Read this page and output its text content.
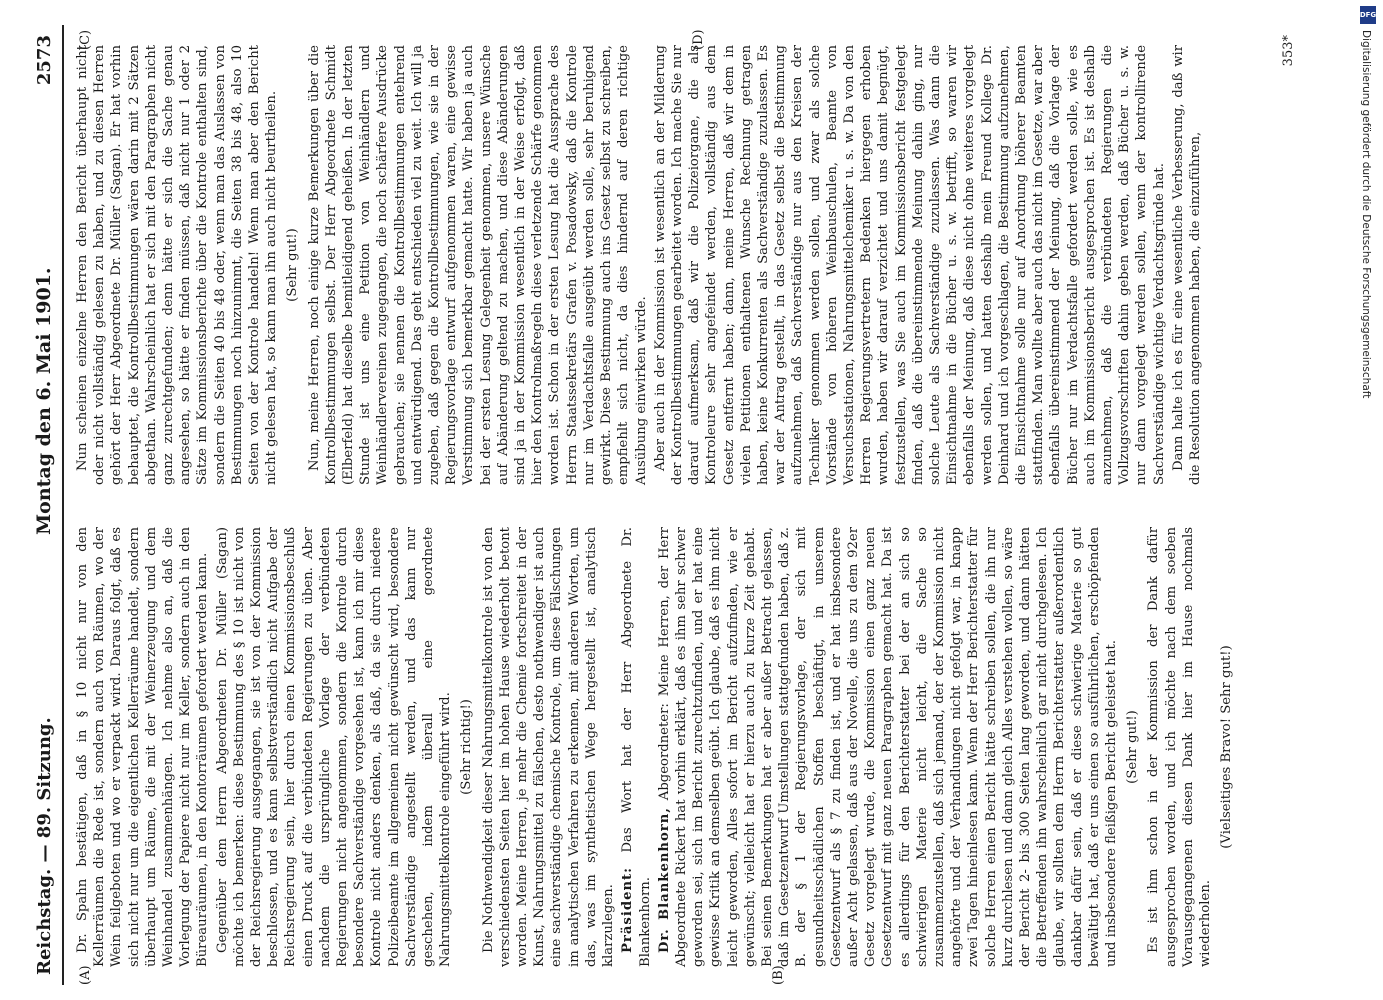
Reichstag. — 89. Sitzung.
Montag den 6. Mai 1901.
2573
(A)	(B)
(C)	(D)

Dr. Spahn bestätigen, daß in § 10 nicht nur von den Kellerräumen die Rede ist, sondern auch von Räumen, wo der Wein feilgeboten und wo er verpackt wird. Daraus folgt, daß es sich nicht nur um die eigentlichen Kellerräume handelt, sondern überhaupt um Räume, die mit der Weinerzeugung und dem Weinhandel zusammenhängen. Ich nehme also an, daß die Vorlegung der Papiere nicht nur im Keller, sondern auch in den Büreauräumen, in den Kontorräumen gefordert werden kann. Gegenüber dem Herrn Abgeordneten Dr. Müller (Sagan) möchte ich bemerken: diese Bestimmung des § 10 ist nicht von der Reichsregierung ausgegangen, sie ist von der Kommission beschlossen, und es kann selbstverständlich nicht Aufgabe der Reichsregierung sein, hier durch einen Kommissionsbeschluß einen Druck auf die verbündeten Regierungen zu üben. Aber nachdem die ursprüngliche Vorlage der verbündeten Regierungen nicht angenommen, sondern die Kontrole durch besondere Sachverständige vorgesehen ist, kann ich mir diese Kontrole nicht anders denken, als daß, da sie durch niedere Polizeibeamte im allgemeinen nicht gewünscht wird, besondere Sachverständige angestellt werden, und das kann nur geschehen, indem überall eine geordnete Nahrungsmittelkontrole eingeführt wird. (Sehr richtig!) Die Nothwendigkeit dieser Nahrungsmittelkontrole ist von den verschiedensten Seiten hier im hohen Hause wiederholt betont worden. Meine Herren, je mehr die Chemie fortschreitet in der Kunst, Nahrungsmittel zu fälschen, desto nothwendiger ist auch eine sachverständige chemische Kontrole, um diese Fälschungen im analytischen Verfahren zu erkennen, mit anderen Worten, um das, was im synthetischen Wege hergestellt ist, analytisch klarzulegen. Präsident: Das Wort hat der Herr Abgeordnete Dr. Blankenhorn. Dr. Blankenhorn, Abgeordneter: Meine Herren, der Herr Abgeordnete Rickert hat vorhin erklärt, daß es ihm sehr schwer geworden sei, sich im Bericht zurechtzufinden, und er hat eine gewisse Kritik an demselben geübt. Ich glaube, daß es ihm nicht leicht geworden, Alles sofort im Bericht aufzufinden, wie er gewünscht; vielleicht hat er hierzu auch zu kurze Zeit gehabt. Bei seinen Bemerkungen hat er aber außer Betracht gelassen, daß im Gesetzentwurf Umstellungen stattgefunden haben, daß z. B. der § 1 der Regierungsvorlage, der sich mit gesundheitsschädlichen Stoffen beschäftigt, in unserem Gesetzentwurf als § 7 zu finden ist, und er hat insbesondere außer Acht gelassen, daß aus der Novelle, die uns zu dem 92er Gesetz vorgelegt wurde, die Kommission einen ganz neuen Gesetzentwurf mit ganz neuen Paragraphen gemacht hat. Da ist es allerdings für den Berichterstatter bei der an sich so schwierigen Materie nicht leicht, die Sache so zusammenzustellen, daß sich jemand, der der Kommission nicht angehörte und der Verhandlungen nicht gefolgt war, in knapp zwei Tagen hineinlesen kann. Wenn der Herr Berichterstatter für solche Herren einen Bericht hätte schreiben sollen, die ihn nur kurz durchlesen und dann gleich Alles verstehen wollen, so wäre der Bericht 2- bis 300 Seiten lang geworden, und dann hätten die Betreffenden ihn wahrscheinlich gar nicht durchgelesen. Ich glaube, wir sollten dem Herrn Berichterstatter außerordentlich dankbar dafür sein, daß er diese schwierige Materie so gut bewältigt hat, daß er uns einen so ausführlichen, erschöpfenden und insbesondere fleißigen Bericht geleistet hat. (Sehr gut!) Es ist ihm schon in der Kommission der Dank dafür ausgesprochen worden, und ich möchte nach dem soeben Vorausgegangenen diesen Dank hier im Hause nochmals wiederholen.

(Vielseitiges Bravo! Sehr gut!)

Nun scheinen einzelne Herren den Bericht überhaupt nicht oder nicht vollständig gelesen zu haben, und zu diesen Herren gehört der Herr Abgeordnete Dr. Müller (Sagan). Er hat vorhin behauptet, die Kontrollbestimmungen wären darin mit 2 Sätzen abgethan. Wahrscheinlich hat er sich mit den Paragraphen nicht ganz zurechtgefunden; denn hätte er sich die Sache genau angesehen, so hätte er finden müssen, daß nicht nur 1 oder 2 Sätze im Kommissionsberichte über die Kontrole enthalten sind, sondern die Seiten 40 bis 48 oder, wenn man das Auslassen von Bestimmungen noch hinzunimmt, die Seiten 38 bis 48, also 10 Seiten von der Kontrole handeln! Wenn man aber den Bericht nicht gelesen hat, so kann man ihn auch nicht beurtheilen. (Sehr gut!) Nun, meine Herren, noch einige kurze Bemerkungen über die Kontrollbestimmungen selbst. Der Herr Abgeordnete Schmidt (Elberfeld) hat dieselbe bemitleidigend geheißen. In der letzten Stunde ist uns eine Petition von Weinhändlern und Weinhändlervereinen zugegangen, die noch schärfere Ausdrücke gebrauchen; sie nennen die Kontrollbestimmungen entehrend und entwürdigend. Das geht entschieden viel zu weit. Ich will ja zugeben, daß gegen die Kontrollbestimmungen, wie sie in der Regierungsvorlage entwurf aufgenommen waren, eine gewisse Verstimmung sich bemerkbar gemacht hatte. Wir haben ja auch bei der ersten Lesung Gelegenheit genommen, unsere Wünsche auf Abänderung geltend zu machen, und diese Abänderungen sind ja in der Kommission wesentlich in der Weise erfolgt, daß hier den Kontrolmaßregeln diese verletzende Schärfe genommen worden ist. Schon in der ersten Lesung hat die Aussprache des Herrn Staatssekretärs Grafen v. Posadowsky, daß die Kontrole nur im Verdachtsfalle ausgeübt werden solle, sehr beruhigend gewirkt. Diese Bestimmung auch ins Gesetz selbst zu schreiben, empfiehlt sich nicht, da dies hindernd auf deren richtige Ausübung einwirken würde. Aber auch in der Kommission ist wesentlich an der Milderung der Kontrollbestimmungen gearbeitet worden. Ich mache Sie nur darauf aufmerksam, daß wir die Polizeiorgane, die als Kontroleure sehr angefeindet werden, vollständig aus dem Gesetz entfernt haben; dann, meine Herren, daß wir dem in vielen Petitionen enthaltenen Wunsche Rechnung getragen haben, keine Konkurrenten als Sachverständige zuzulassen. Es war der Antrag gestellt, in das Gesetz selbst die Bestimmung aufzunehmen, daß Sachverständige nur aus den Kreisen der Techniker genommen werden sollen, und zwar als solche Vorstände von höheren Weinbauschulen, Beamte von Versuchsstationen, Nahrungsmittelchemiker u. s. w. Da von den Herren Regierungsvertretern Bedenken hiergegen erhoben wurden, haben wir darauf verzichtet und uns damit begnügt, festzustellen, was Sie auch im Kommissionsbericht festgelegt finden, daß die übereinstimmende Meinung dahin ging, nur solche Leute als Sachverständige zuzulassen. Was dann die Einsichtnahme in die Bücher u. s. w. betrifft, so waren wir ebenfalls der Meinung, daß diese nicht ohne weiteres vorgelegt werden sollen, und hatten deshalb mein Freund Kollege Dr. Deinhard und ich vorgeschlagen, die Bestimmung aufzunehmen, die Einsichtnahme solle nur auf Anordnung höherer Beamten stattfinden. Man wollte aber auch das nicht im Gesetze, war aber ebenfalls übereinstimmend der Meinung, daß die Vorlage der Bücher nur im Verdachtsfalle gefordert werden solle, wie es auch im Kommissionsbericht ausgesprochen ist. Es ist deshalb anzunehmen, daß die verbündeten Regierungen die Vollzugsvorschriften dahin geben werden, daß Bücher u. s. w. nur dann vorgelegt werden sollen, wenn der kontrollirende Sachverständige wichtige Verdachtsgründe hat. Dann halte ich es für eine wesentliche Verbesserung, daß wir die Resolution angenommen haben, die einzuführen,

353*
DFG
Digitalisierung gefördert durch die Deutsche Forschungsgemeinschaft
